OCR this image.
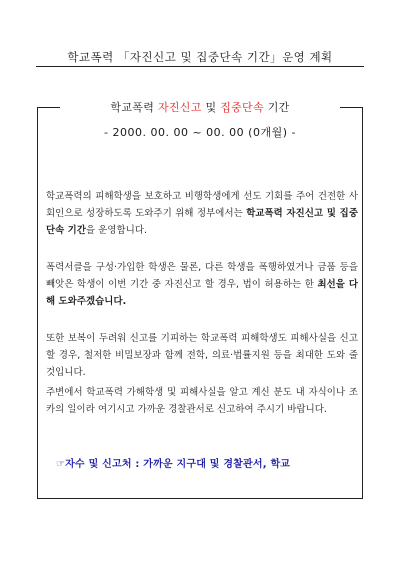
학교폭력 「자진신고 및 집중단속 기간」운영 계획
학교폭력 자진신고 및 집중단속 기간
- 2000. 00. 00 ~ 00. 00 (0개월) -
학교폭력의 피해학생을 보호하고 비행학생에게 선도 기회를 주어 건전한 사회인으로 성장하도록 도와주기 위해 정부에서는 학교폭력 자진신고 및 집중단속 기간을 운영합니다.
폭력서클을 구성·가입한 학생은 물론, 다른 학생을 폭행하였거나 금품 등을 빼앗은 학생이 이번 기간 중 자진신고 할 경우, 법이 허용하는 한 최선을 다해 도와주겠습니다.
또한 보복이 두려워 신고를 기피하는 학교폭력 피해학생도 피해사실을 신고할 경우, 철저한 비밀보장과 함께 전학, 의료·법률지원 등을 최대한 도와 줄 것입니다.
주변에서 학교폭력 가해학생 및 피해사실을 알고 계신 분도 내 자식이나 조카의 일이라 여기시고 가까운 경찰관서로 신고하여 주시기 바랍니다.
☞자수 및 신고처 : 가까운 지구대 및 경찰관서, 학교
